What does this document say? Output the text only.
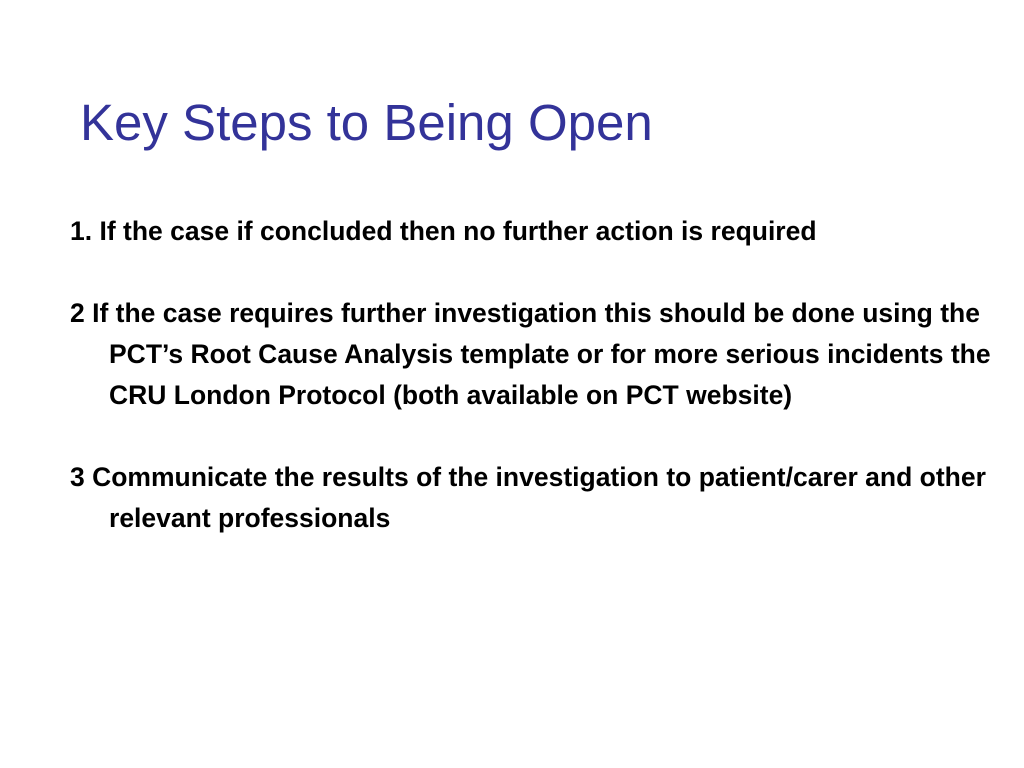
Key Steps to Being Open
1. If the case if concluded then no further action is required
2 If the case requires further investigation this should be done using the PCT’s Root Cause Analysis template or for more serious incidents the CRU London Protocol (both available on PCT website)
3 Communicate the results of the investigation to patient/carer and other relevant professionals
